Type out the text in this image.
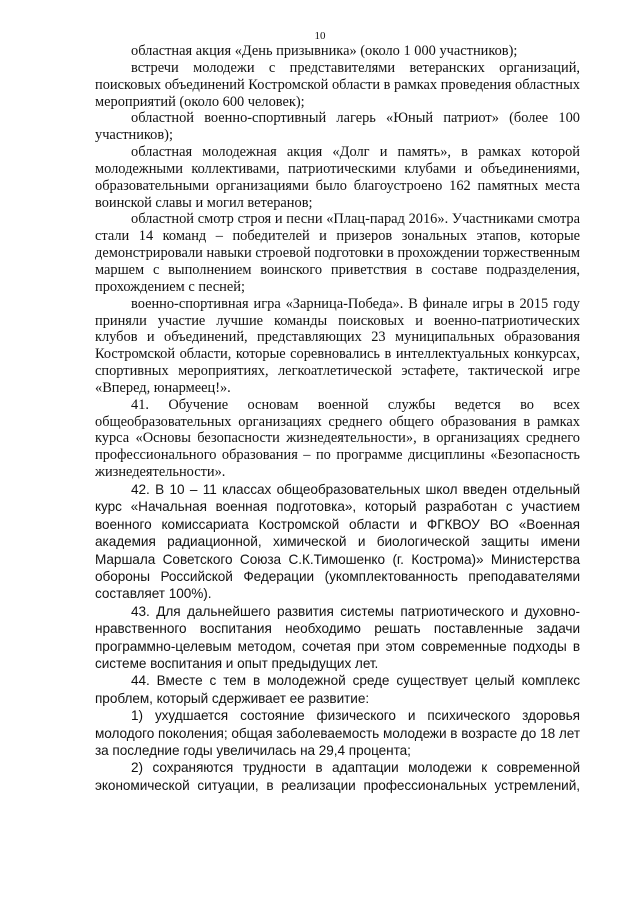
10

областная акция «День призывника» (около 1 000 участников);

встречи молодежи с представителями ветеранских организаций, поисковых объединений Костромской области в рамках проведения областных мероприятий (около 600 человек);

областной военно-спортивный лагерь «Юный патриот» (более 100 участников);

областная молодежная акция «Долг и память», в рамках которой молодежными коллективами, патриотическими клубами и объединениями, образовательными организациями было благоустроено 162 памятных места воинской славы и могил ветеранов;

областной смотр строя и песни «Плац-парад 2016». Участниками смотра стали 14 команд – победителей и призеров зональных этапов, которые демонстрировали навыки строевой подготовки в прохождении торжественным маршем с выполнением воинского приветствия в составе подразделения, прохождением с песней;

военно-спортивная игра «Зарница-Победа». В финале игры в 2015 году приняли участие лучшие команды поисковых и военно-патриотических клубов и объединений, представляющих 23 муниципальных образования Костромской области, которые соревновались в интеллектуальных конкурсах, спортивных мероприятиях, легкоатлетической эстафете, тактической игре «Вперед, юнармеец!».

41. Обучение основам военной службы ведется во всех общеобразовательных организациях среднего общего образования в рамках курса «Основы безопасности жизнедеятельности», в организациях среднего профессионального образования – по программе дисциплины «Безопасность жизнедеятельности».

42. В 10 – 11 классах общеобразовательных школ введен отдельный курс «Начальная военная подготовка», который разработан с участием военного комиссариата Костромской области и ФГКВОУ ВО «Военная академия радиационной, химической и биологической защиты имени Маршала Советского Союза С.К.Тимошенко (г. Кострома)» Министерства обороны Российской Федерации (укомплектованность преподавателями составляет 100%).

43. Для дальнейшего развития системы патриотического и духовно-нравственного воспитания необходимо решать поставленные задачи программно-целевым методом, сочетая при этом современные подходы в системе воспитания и опыт предыдущих лет.

44. Вместе с тем в молодежной среде существует целый комплекс проблем, который сдерживает ее развитие:

1) ухудшается состояние физического и психического здоровья молодого поколения; общая заболеваемость молодежи в возрасте до 18 лет за последние годы увеличилась на 29,4 процента;

2) сохраняются трудности в адаптации молодежи к современной экономической ситуации, в реализации профессиональных устремлений,
